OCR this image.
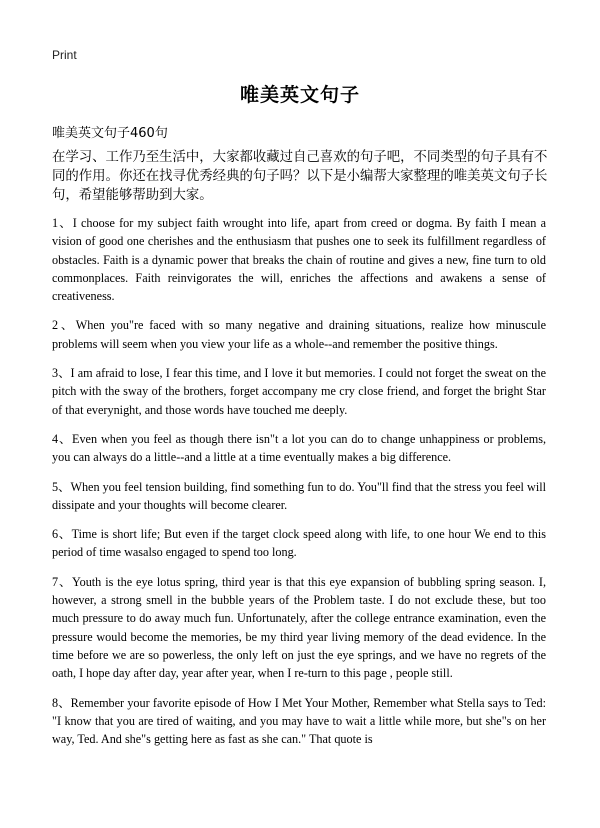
Print
唯美英文句子
唯美英文句子460句

在学习、工作乃至生活中，大家都收藏过自己喜欢的句子吧，不同类型的句子具有不同的作用。你还在找寻优秀经典的句子吗？以下是小编帮大家整理的唯美英文句子长句，希望能够帮助到大家。

1、I choose for my subject faith wrought into life, apart from creed or dogma. By faith I mean a vision of good one cherishes and the enthusiasm that pushes one to seek its fulfillment regardless of obstacles. Faith is a dynamic power that breaks the chain of routine and gives a new, fine turn to old commonplaces. Faith reinvigorates the will, enriches the affections and awakens a sense of creativeness.

2、When you"re faced with so many negative and draining situations, realize how minuscule problems will seem when you view your life as a whole--and remember the positive things.

3、I am afraid to lose, I fear this time, and I love it but memories. I could not forget the sweat on the pitch with the sway of the brothers, forget accompany me cry close friend, and forget the bright Star of that everynight, and those words have touched me deeply.

4、Even when you feel as though there isn"t a lot you can do to change unhappiness or problems, you can always do a little--and a little at a time eventually makes a big difference.

5、When you feel tension building, find something fun to do. You"ll find that the stress you feel will dissipate and your thoughts will become clearer.

6、Time is short life; But even if the target clock speed along with life, to one hour We end to this period of time wasalso engaged to spend too long.

7、Youth is the eye lotus spring, third year is that this eye expansion of bubbling spring season. I, however, a strong smell in the bubble years of the Problem taste. I do not exclude these, but too much pressure to do away much fun. Unfortunately, after the college entrance examination, even the pressure would become the memories, be my third year living memory of the dead evidence. In the time before we are so powerless, the only left on just the eye springs, and we have no regrets of the oath, I hope day after day, year after year, when I re-turn to this page , people still.

8、Remember your favorite episode of How I Met Your Mother, Remember what Stella says to Ted: "I know that you are tired of waiting, and you may have to wait a little while more, but she"s on her way, Ted. And she"s getting here as fast as she can." That quote is
